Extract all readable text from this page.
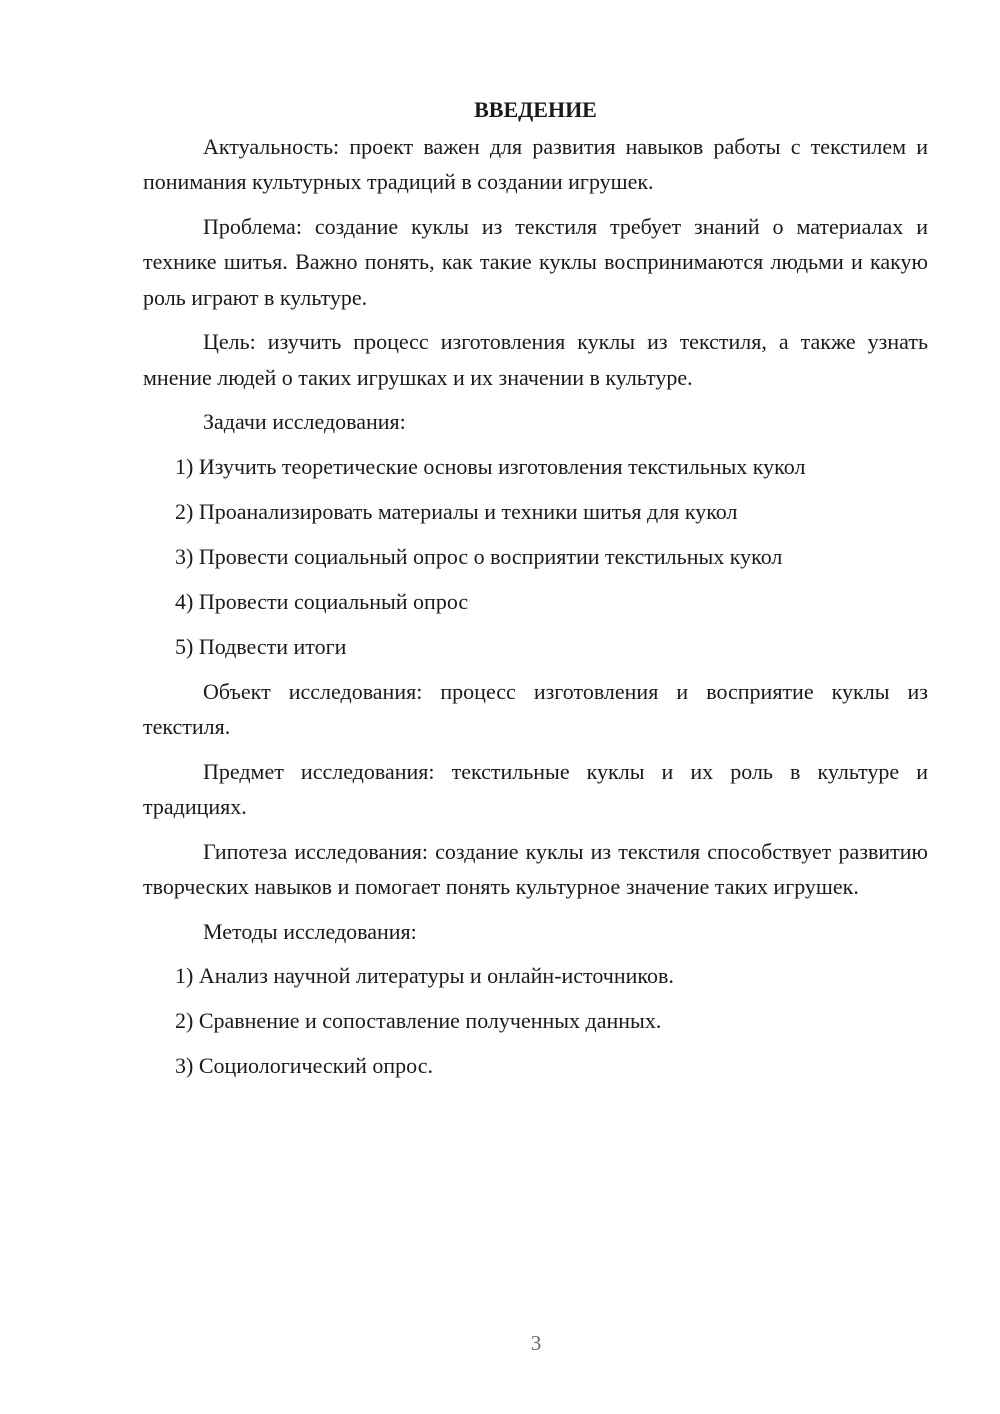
ВВЕДЕНИЕ

Актуальность: проект важен для развития навыков работы с текстилем и понимания культурных традиций в создании игрушек.

Проблема: создание куклы из текстиля требует знаний о материалах и технике шитья. Важно понять, как такие куклы воспринимаются людьми и какую роль играют в культуре.

Цель: изучить процесс изготовления куклы из текстиля, а также узнать мнение людей о таких игрушках и их значении в культуре.

Задачи исследования:

1) Изучить теоретические основы изготовления текстильных кукол
2) Проанализировать материалы и техники шитья для кукол
3) Провести социальный опрос о восприятии текстильных кукол
4) Провести социальный опрос
5) Подвести итоги

Объект исследования: процесс изготовления и восприятие куклы из текстиля.

Предмет исследования: текстильные куклы и их роль в культуре и традициях.

Гипотеза исследования: создание куклы из текстиля способствует развитию творческих навыков и помогает понять культурное значение таких игрушек.

Методы исследования:

1) Анализ научной литературы и онлайн-источников.
2) Сравнение и сопоставление полученных данных.
3) Социологический опрос.
3
